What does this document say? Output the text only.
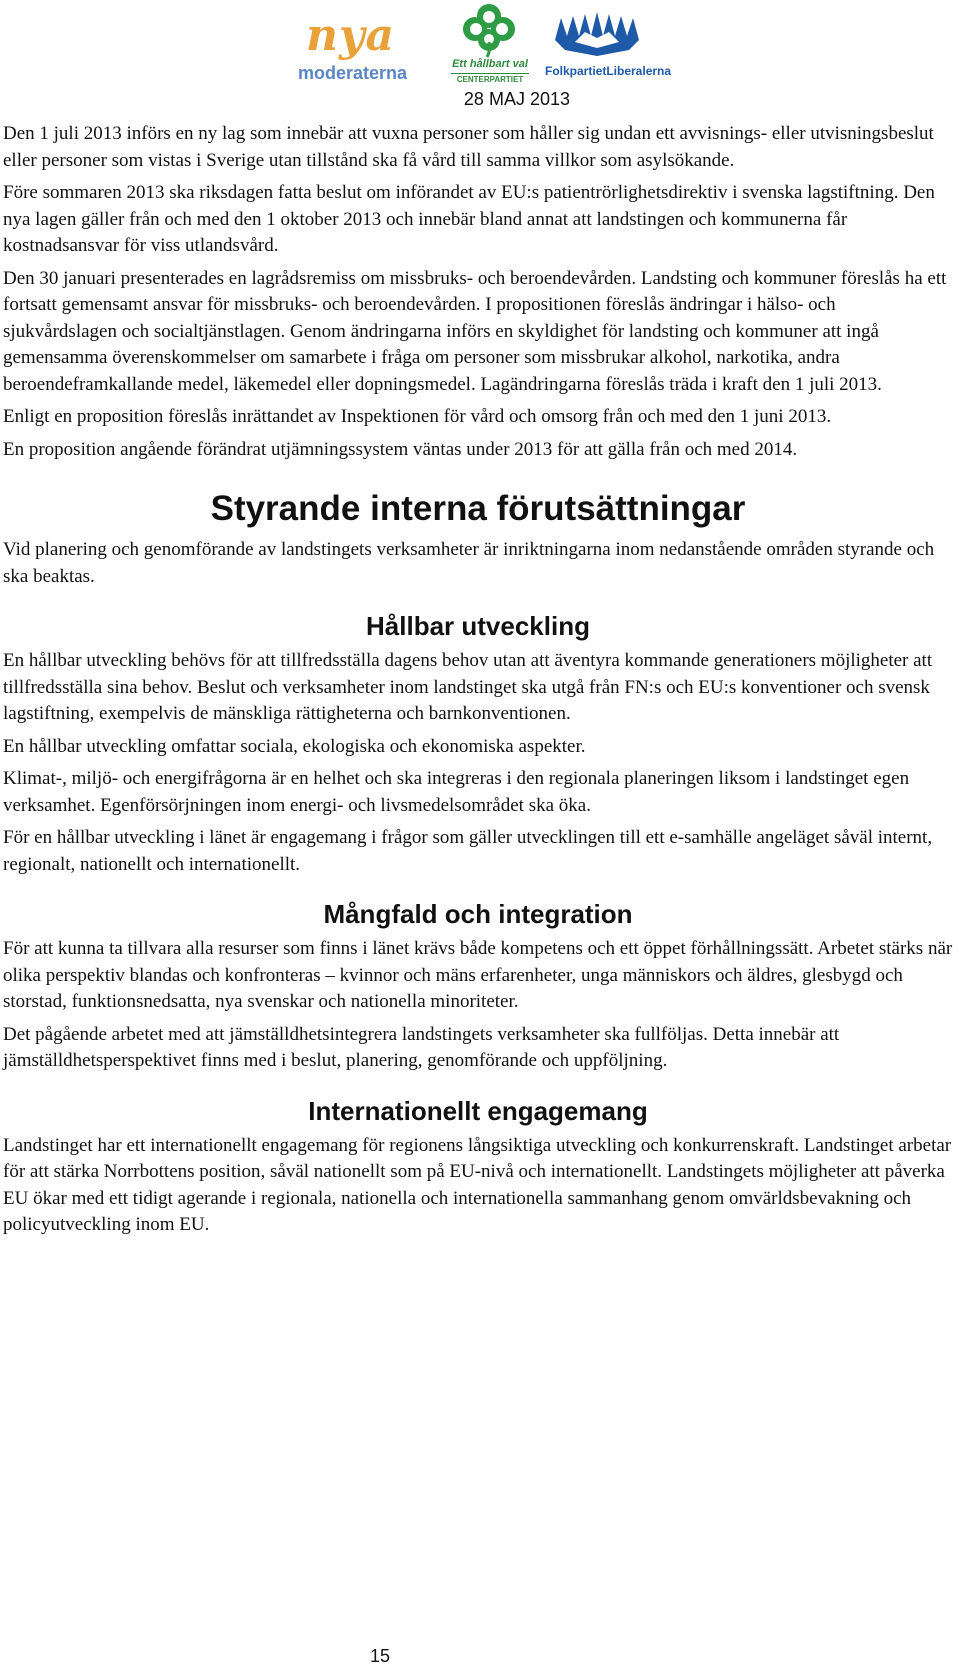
nya
moderaterna	Ett hållbart val
CENTERPARTIET
FolkpartietLiberalerna
28 MAJ 2013

Den 1 juli 2013 införs en ny lag som innebär att vuxna personer som håller sig undan ett avvisnings- eller utvisningsbeslut eller personer som vistas i Sverige utan tillstånd ska få vård till samma villkor som asylsökande.

Före sommaren 2013 ska riksdagen fatta beslut om införandet av EU:s patientrörlighetsdirektiv i svenska lagstiftning. Den nya lagen gäller från och med den 1 oktober 2013 och innebär bland annat att landstingen och kommunerna får kostnadsansvar för viss utlandsvård.

Den 30 januari presenterades en lagrådsremiss om missbruks- och beroendevården. Landsting och kommuner föreslås ha ett fortsatt gemensamt ansvar för missbruks- och beroendevården. I propositionen föreslås ändringar i hälso- och sjukvårdslagen och socialtjänstlagen. Genom ändringarna införs en skyldighet för landsting och kommuner att ingå gemensamma överenskommelser om samarbete i fråga om personer som missbrukar alkohol, narkotika, andra beroendeframkallande medel, läkemedel eller dopningsmedel. Lagändringarna föreslås träda i kraft den 1 juli 2013.

Enligt en proposition föreslås inrättandet av Inspektionen för vård och omsorg från och med den 1 juni 2013.

En proposition angående förändrat utjämningssystem väntas under 2013 för att gälla från och med 2014.

Styrande interna förutsättningar

Vid planering och genomförande av landstingets verksamheter är inriktningarna inom nedanstående områden styrande och ska beaktas.

Hållbar utveckling

En hållbar utveckling behövs för att tillfredsställa dagens behov utan att äventyra kommande generationers möjligheter att tillfredsställa sina behov. Beslut och verksamheter inom landstinget ska utgå från FN:s och EU:s konventioner och svensk lagstiftning, exempelvis de mänskliga rättigheterna och barnkonventionen.

En hållbar utveckling omfattar sociala, ekologiska och ekonomiska aspekter.

Klimat-, miljö- och energifrågorna är en helhet och ska integreras i den regionala planeringen liksom i landstinget egen verksamhet. Egenförsörjningen inom energi- och livsmedelsområdet ska öka.

För en hållbar utveckling i länet är engagemang i frågor som gäller utvecklingen till ett e-samhälle angeläget såväl internt, regionalt, nationellt och internationellt.

Mångfald och integration

För att kunna ta tillvara alla resurser som finns i länet krävs både kompetens och ett öppet förhållningssätt. Arbetet stärks när olika perspektiv blandas och konfronteras – kvinnor och mäns erfarenheter, unga människors och äldres, glesbygd och storstad, funktionsnedsatta, nya svenskar och nationella minoriteter.

Det pågående arbetet med att jämställdhetsintegrera landstingets verksamheter ska fullföljas. Detta innebär att jämställdhetsperspektivet finns med i beslut, planering, genomförande och uppföljning.

Internationellt engagemang

Landstinget har ett internationellt engagemang för regionens långsiktiga utveckling och konkurrenskraft. Landstinget arbetar för att stärka Norrbottens position, såväl nationellt som på EU-nivå och internationellt. Landstingets möjligheter att påverka EU ökar med ett tidigt agerande i regionala, nationella och internationella sammanhang genom omvärldsbevakning och policyutveckling inom EU.

15
